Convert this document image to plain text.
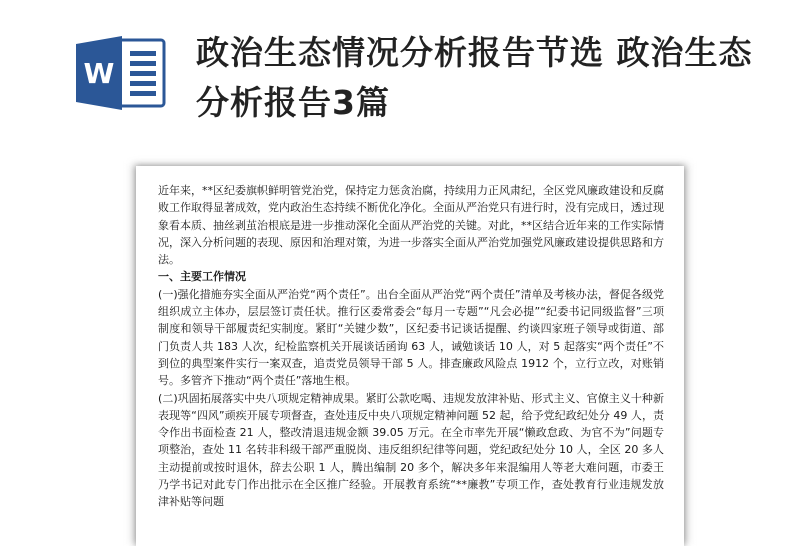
W
政治生态情况分析报告节选 政治生态分析报告3篇

近年来，**区纪委旗帜鲜明管党治党，保持定力惩贪治腐，持续用力正风肃纪，全区党风廉政建设和反腐败工作取得显著成效，党内政治生态持续不断优化净化。全面从严治党只有进行时，没有完成日，透过现象看本质、抽丝剥茧治根底是进一步推动深化全面从严治党的关键。对此，**区结合近年来的工作实际情况，深入分析问题的表现、原因和治理对策，为进一步落实全面从严治党加强党风廉政建设提供思路和方法。

一、主要工作情况

(一)强化措施夯实全面从严治党“两个责任”。出台全面从严治党“两个责任”清单及考核办法，督促各级党组织成立主体办，层层签订责任状。推行区委常委会“每月一专题”“凡会必提”“纪委书记同级监督”三项制度和领导干部履责纪实制度。紧盯“关键少数”，区纪委书记谈话提醒、约谈四家班子领导或街道、部门负责人共 183 人次，纪检监察机关开展谈话函询 63 人，诫勉谈话 10 人，对 5 起落实“两个责任”不到位的典型案件实行一案双查，追责党员领导干部 5 人。排查廉政风险点 1912 个，立行立改，对账销号。多管齐下推动“两个责任”落地生根。

(二)巩固拓展落实中央八项规定精神成果。紧盯公款吃喝、违规发放津补贴、形式主义、官僚主义十种新表现等“四风”顽疾开展专项督查，查处违反中央八项规定精神问题 52 起，给予党纪政纪处分 49 人，责令作出书面检查 21 人，整改清退违规金额 39.05 万元。在全市率先开展“懒政怠政、为官不为”问题专项整治，查处 11 名转非科级干部严重脱岗、违反组织纪律等问题，党纪政纪处分 10 人，全区 20 多人主动提前或按时退休，辞去公职 1 人，腾出编制 20 多个，解决多年来混编用人等老大难问题，市委王乃学书记对此专门作出批示在全区推广经验。开展教育系统“**廉教”专项工作，查处教育行业违规发放津补贴等问题
